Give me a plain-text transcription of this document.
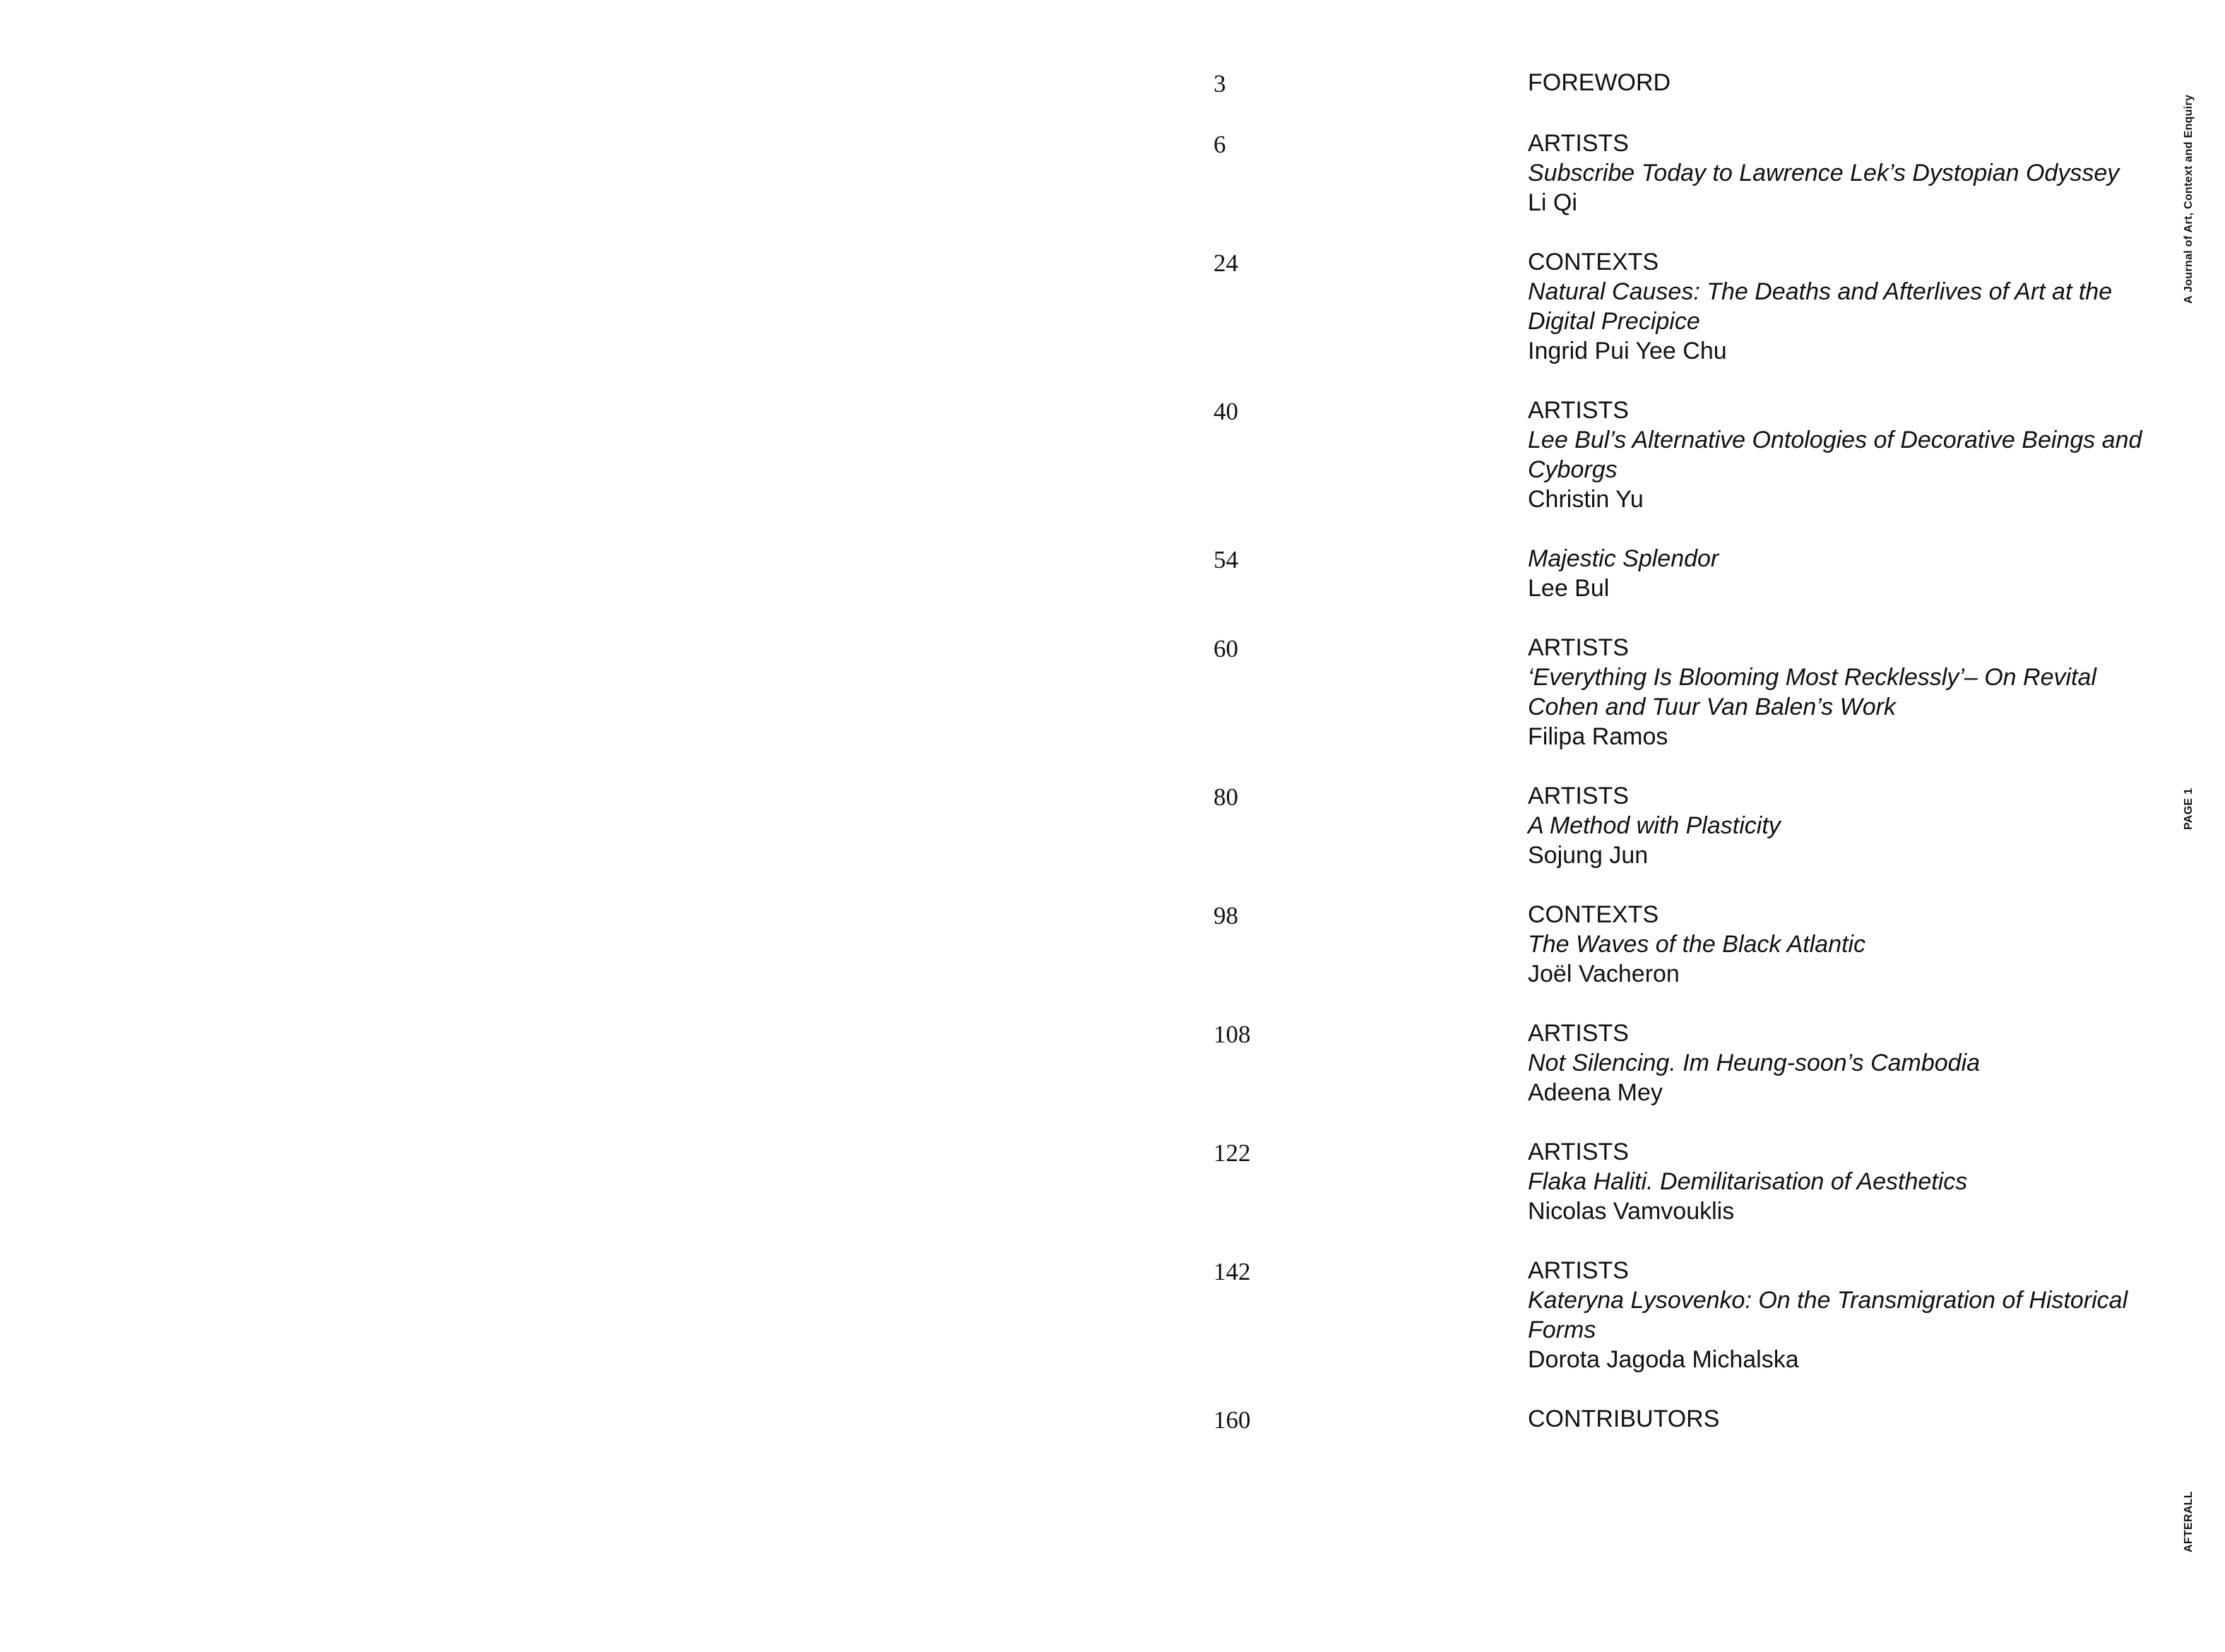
3	FOREWORD
6	ARTISTS
Subscribe Today to Lawrence Lek’s Dystopian Odyssey
Li Qi
24	CONTEXTS
Natural Causes: The Deaths and Afterlives of Art at the Digital Precipice
Ingrid Pui Yee Chu
40	ARTISTS
Lee Bul’s Alternative Ontologies of Decorative Beings and Cyborgs
Christin Yu
54	Majestic Splendor
Lee Bul
60	ARTISTS
‘Everything Is Blooming Most Recklessly’– On Revital Cohen and Tuur Van Balen’s Work
Filipa Ramos
80	ARTISTS
A Method with Plasticity
Sojung Jun
98	CONTEXTS
The Waves of the Black Atlantic
Joël Vacheron
108	ARTISTS
Not Silencing. Im Heung-soon’s Cambodia
Adeena Mey
122	ARTISTS
Flaka Haliti. Demilitarisation of Aesthetics
Nicolas Vamvouklis
142	ARTISTS
Kateryna Lysovenko: On the Transmigration of Historical Forms
Dorota Jagoda Michalska
160	CONTRIBUTORS
A Journal of Art, Context and Enquiry
PAGE 1
AFTERALL
